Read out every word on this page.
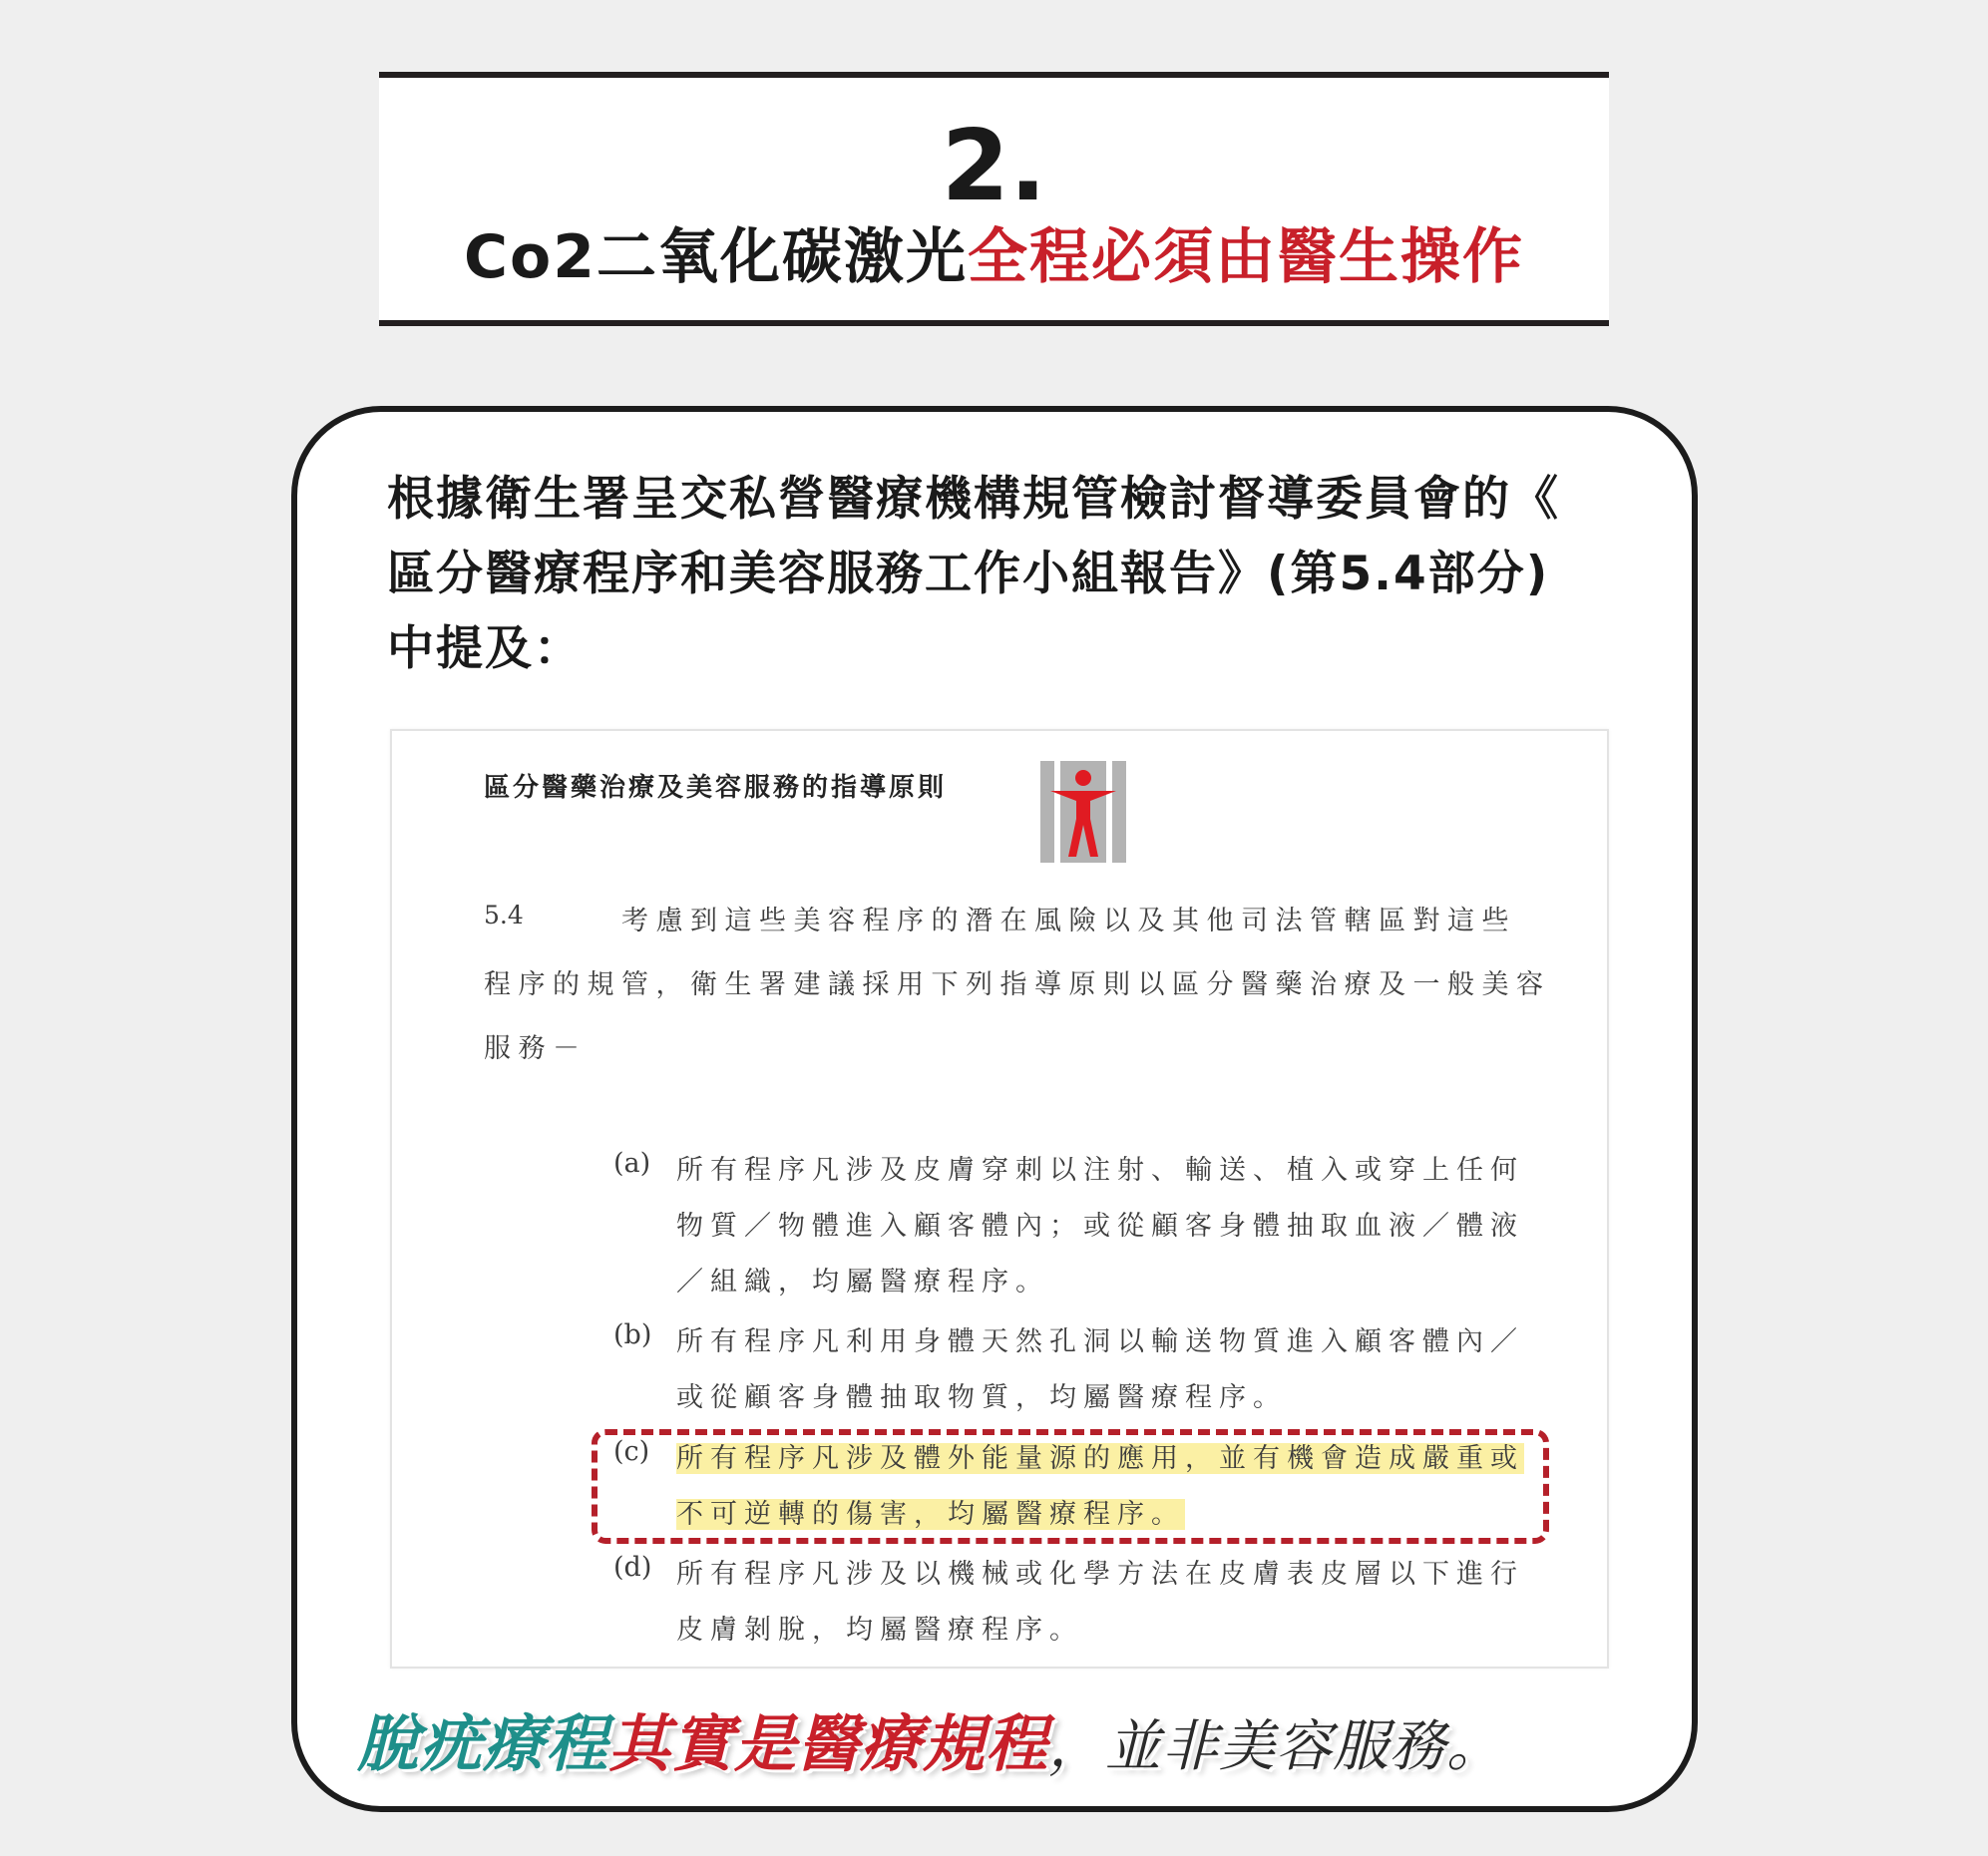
2.
Co2二氧化碳激光全程必須由醫生操作
根據衛生署呈交私營醫療機構規管檢討督導委員會的《
區分醫療程序和美容服務工作小組報告》(第5.4部分)
中提及：
區分醫藥治療及美容服務的指導原則
5.4	考慮到這些美容程序的潛在風險以及其他司法管轄區對這些
程序的規管，衛生署建議採用下列指導原則以區分醫藥治療及一般美容
服務－
(a) 所有程序凡涉及皮膚穿刺以注射、輸送、植入或穿上任何
物質／物體進入顧客體內；或從顧客身體抽取血液／體液
／組織，均屬醫療程序。
(b) 所有程序凡利用身體天然孔洞以輸送物質進入顧客體內／
或從顧客身體抽取物質，均屬醫療程序。
(c) 所有程序凡涉及體外能量源的應用，並有機會造成嚴重或
不可逆轉的傷害，均屬醫療程序。
(d) 所有程序凡涉及以機械或化學方法在皮膚表皮層以下進行
皮膚剝脫，均屬醫療程序。
脫疣療程其實是醫療規程，並非美容服務。
